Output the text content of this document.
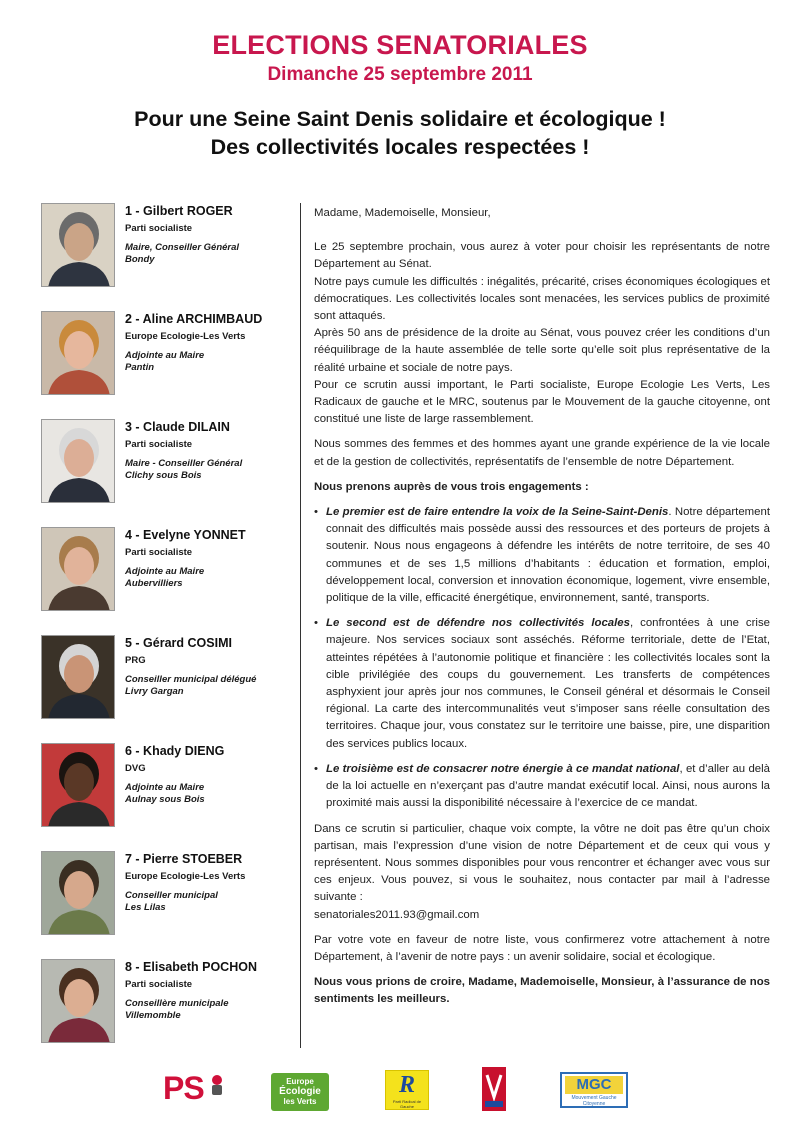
ELECTIONS SENATORIALES
Dimanche 25 septembre 2011
Pour une Seine Saint Denis solidaire et écologique !
Des collectivités locales respectées !
1 - Gilbert ROGER
Parti socialiste
Maire, Conseiller Général
Bondy
2 - Aline ARCHIMBAUD
Europe Ecologie-Les Verts
Adjointe au Maire
Pantin
3 - Claude DILAIN
Parti socialiste
Maire - Conseiller Général
Clichy sous Bois
4 - Evelyne YONNET
Parti socialiste
Adjointe au Maire
Aubervilliers
5 - Gérard COSIMI
PRG
Conseiller municipal délégué
Livry Gargan
6 - Khady DIENG
DVG
Adjointe au Maire
Aulnay sous Bois
7 - Pierre STOEBER
Europe Ecologie-Les Verts
Conseiller municipal
Les Lilas
8 - Elisabeth POCHON
Parti socialiste
Conseillère municipale
Villemomble

Madame, Mademoiselle, Monsieur,

Le 25 septembre prochain, vous aurez à voter pour choisir les représentants de notre Département au Sénat.

Notre pays cumule les difficultés : inégalités, précarité, crises économiques écologiques et démocratiques. Les collectivités locales sont menacées, les services publics de proximité sont attaqués.

Après 50 ans de présidence de la droite au Sénat, vous pouvez créer les conditions d’un rééquilibrage de la haute assemblée de telle sorte qu’elle soit plus représentative de la réalité urbaine et sociale de notre pays.

Pour ce scrutin aussi important, le Parti socialiste, Europe Ecologie Les Verts, Les Radicaux de gauche et le MRC, soutenus par le Mouvement de la gauche citoyenne, ont constitué une liste de large rassemblement.

Nous sommes des femmes et des hommes ayant une grande expérience de la vie locale et de la gestion de collectivités, représentatifs de l’ensemble de notre Département.

Nous prenons auprès de vous trois engagements :

• Le premier est de faire entendre la voix de la Seine-Saint-Denis. Notre département connait des difficultés mais possède aussi des ressources et des porteurs de projets à soutenir. Nous nous engageons à défendre les intérêts de notre territoire, de ses 40 communes et de ses 1,5 millions d’habitants : éducation et formation, emploi, développement local, conversion et innovation économique, logement, vivre ensemble, politique de la ville, efficacité énergétique, environnement, santé, transports.

• Le second est de défendre nos collectivités locales, confrontées à une crise majeure. Nos services sociaux sont asséchés. Réforme territoriale, dette de l’Etat, atteintes répétées à l’autonomie politique et financière : les collectivités locales sont la cible privilégiée des coups du gouvernement. Les transferts de compétences asphyxient jour après jour nos communes, le Conseil général et désormais le Conseil régional. La carte des intercommunalités veut s’imposer sans réelle consultation des territoires. Chaque jour, vous constatez sur le territoire une baisse, pire, une disparition des services publics locaux.

• Le troisième est de consacrer notre énergie à ce mandat national, et d’aller au delà de la loi actuelle en n’exerçant pas d’autre mandat exécutif local. Ainsi, nous aurons la proximité mais aussi la disponibilité nécessaire à l’exercice de ce mandat.

Dans ce scrutin si particulier, chaque voix compte, la vôtre ne doit pas être qu’un choix partisan, mais l’expression d’une vision de notre Département et de ceux qui vous y représentent. Nous sommes disponibles pour vous rencontrer et échanger avec vous sur ces enjeux. Vous pouvez, si vous le souhaitez, nous contacter par mail à l’adresse suivante :

senatoriales2011.93@gmail.com

Par votre vote en faveur de notre liste, vous confirmerez votre attachement à notre Département, à l’avenir de notre pays : un avenir solidaire, social et écologique.

Nous vous prions de croire, Madame, Mademoiselle, Monsieur, à l’assurance de nos sentiments les meilleurs.

PS	Europe
Écologie
les Verts
R
Parti Radical de Gauche
MGC
Mouvement Gauche Citoyenne
